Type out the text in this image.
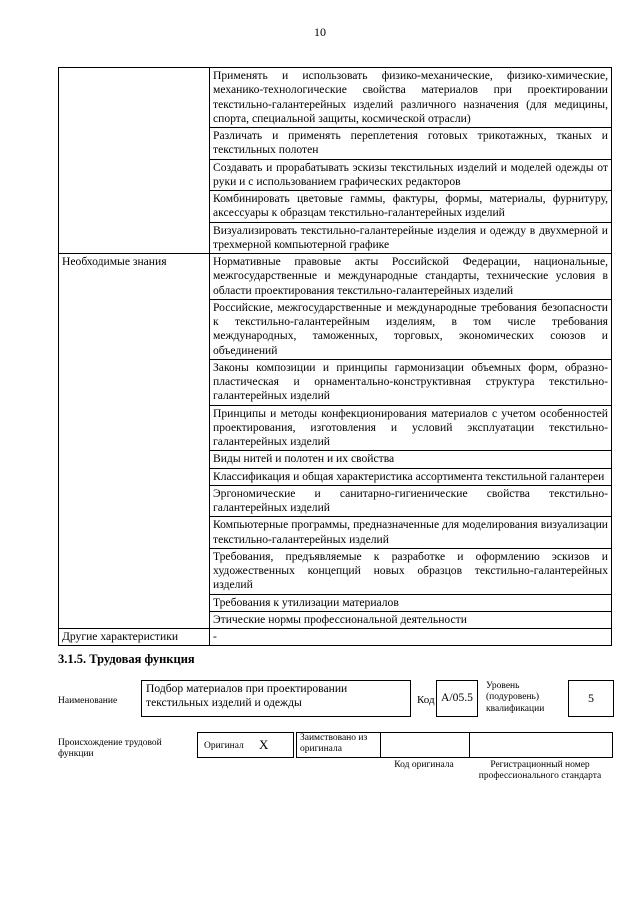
10
	Применять и использовать физико-механические, физико-химические, механико-технологические свойства материалов при проектировании текстильно-галантерейных изделий различного назначения (для медицины, спорта, специальной защиты, космической отрасли)
	Различать и применять переплетения готовых трикотажных, тканых и текстильных полотен
	Создавать и прорабатывать эскизы текстильных изделий и моделей одежды от руки и с использованием графических редакторов
	Комбинировать цветовые гаммы, фактуры, формы, материалы, фурнитуру, аксессуары к образцам текстильно-галантерейных изделий
	Визуализировать текстильно-галантерейные изделия и одежду в двухмерной и трехмерной компьютерной графике
Необходимые знания	Нормативные правовые акты Российской Федерации, национальные, межгосударственные и международные стандарты, технические условия в области проектирования текстильно-галантерейных изделий
	Российские, межгосударственные и международные требования безопасности к текстильно-галантерейным изделиям, в том числе требования международных, таможенных, торговых, экономических союзов и объединений
	Законы композиции и принципы гармонизации объемных форм, образно-пластическая и орнаментально-конструктивная структура текстильно-галантерейных изделий
	Принципы и методы конфекционирования материалов с учетом особенностей проектирования, изготовления и условий эксплуатации текстильно-галантерейных изделий
	Виды нитей и полотен и их свойства
	Классификация и общая характеристика ассортимента текстильной галантереи
	Эргономические и санитарно-гигиенические свойства текстильно-галантерейных изделий
	Компьютерные программы, предназначенные для моделирования визуализации текстильно-галантерейных изделий
	Требования, предъявляемые к разработке и оформлению эскизов и художественных концепций новых образцов текстильно-галантерейных изделий
	Требования к утилизации материалов
	Этические нормы профессиональной деятельности
Другие характеристики	-
3.1.5. Трудовая функция
Наименование
Подбор материалов при проектировании текстильных изделий и одежды	Код A/05.5
Уровень (подуровень) квалификации
5
Происхождение трудовой функции
Оригинал X	Заимствовано из оригинала
Код оригинала	Регистрационный номер профессионального стандарта
